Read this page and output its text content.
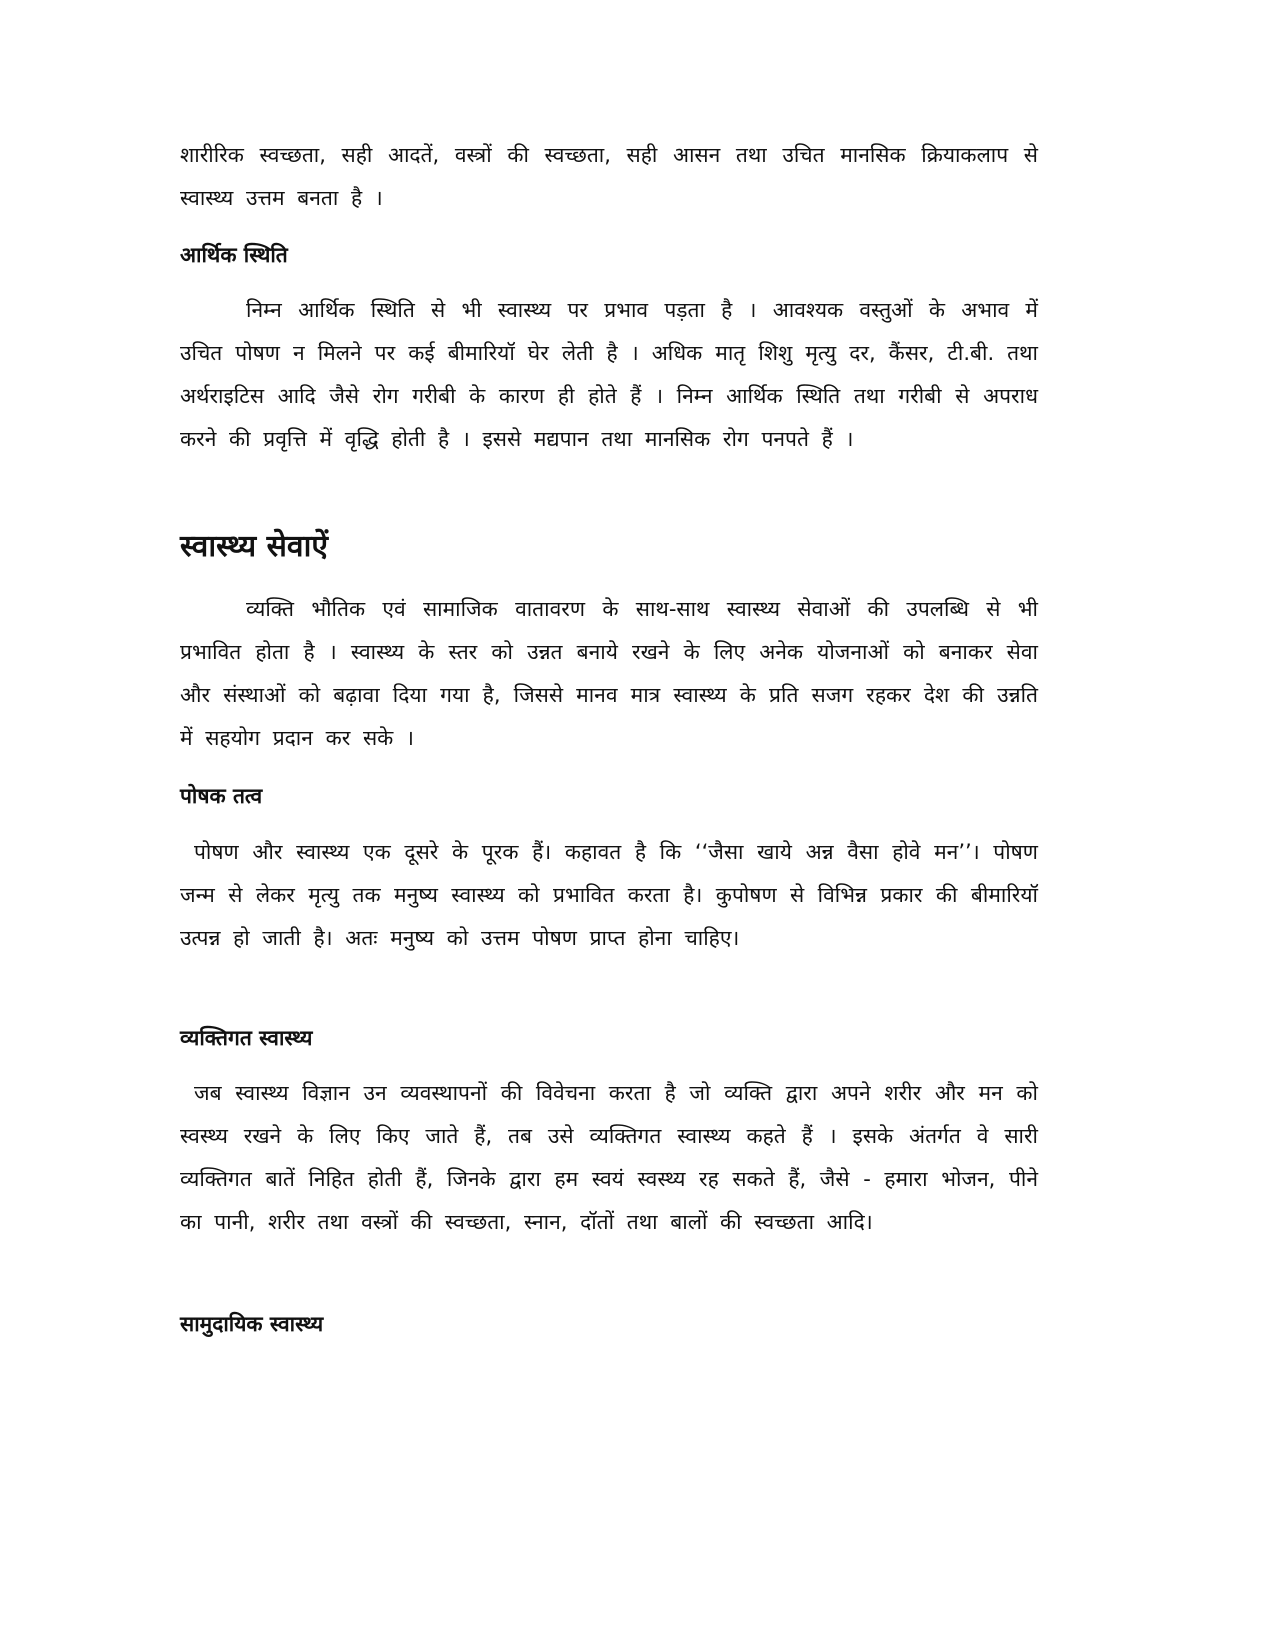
शारीरिक स्वच्छता, सही आदतें, वस्त्रों की स्वच्छता, सही आसन तथा उचित मानसिक क्रियाकलाप से स्वास्थ्य उत्तम बनता है ।

आर्थिक स्थिति

निम्न आर्थिक स्थिति से भी स्वास्थ्य पर प्रभाव पड़ता है । आवश्यक वस्तुओं के अभाव में उचित पोषण न मिलने पर कई बीमारियॉ घेर लेती है । अधिक मातृ शिशु मृत्यु दर, कैंसर, टी.बी. तथा अर्थराइटिस आदि जैसे रोग गरीबी के कारण ही होते हैं । निम्न आर्थिक स्थिति तथा गरीबी से अपराध करने की प्रवृत्ति में वृद्धि होती है । इससे मद्यपान तथा मानसिक रोग पनपते हैं ।

स्वास्थ्य सेवाऐं

व्यक्ति भौतिक एवं सामाजिक वातावरण के साथ-साथ स्वास्थ्य सेवाओं की उपलब्धि से भी प्रभावित होता है । स्वास्थ्य के स्तर को उन्नत बनाये रखने के लिए अनेक योजनाओं को बनाकर सेवा और संस्थाओं को बढ़ावा दिया गया है, जिससे मानव मात्र स्वास्थ्य के प्रति सजग रहकर देश की उन्नति में सहयोग प्रदान कर सके ।

पोषक तत्व

पोषण और स्वास्थ्य एक दूसरे के पूरक हैं। कहावत है कि ‘‘जैसा खाये अन्न वैसा होवे मन’’। पोषण जन्म से लेकर मृत्यु तक मनुष्य स्वास्थ्य को प्रभावित करता है। कुपोषण से विभिन्न प्रकार की बीमारियॉ उत्पन्न हो जाती है। अतः मनुष्य को उत्तम पोषण प्राप्त होना चाहिए।

व्यक्तिगत स्वास्थ्य

जब स्वास्थ्य विज्ञान उन व्यवस्थापनों की विवेचना करता है जो व्यक्ति द्वारा अपने शरीर और मन को स्वस्थ्य रखने के लिए किए जाते हैं, तब उसे व्यक्तिगत स्वास्थ्य कहते हैं । इसके अंतर्गत वे सारी व्यक्तिगत बातें निहित होती हैं, जिनके द्वारा हम स्वयं स्वस्थ्य रह सकते हैं, जैसे - हमारा भोजन, पीने का पानी, शरीर तथा वस्त्रों की स्वच्छता, स्नान, दॉतों तथा बालों की स्वच्छता आदि।

सामुदायिक स्वास्थ्य
